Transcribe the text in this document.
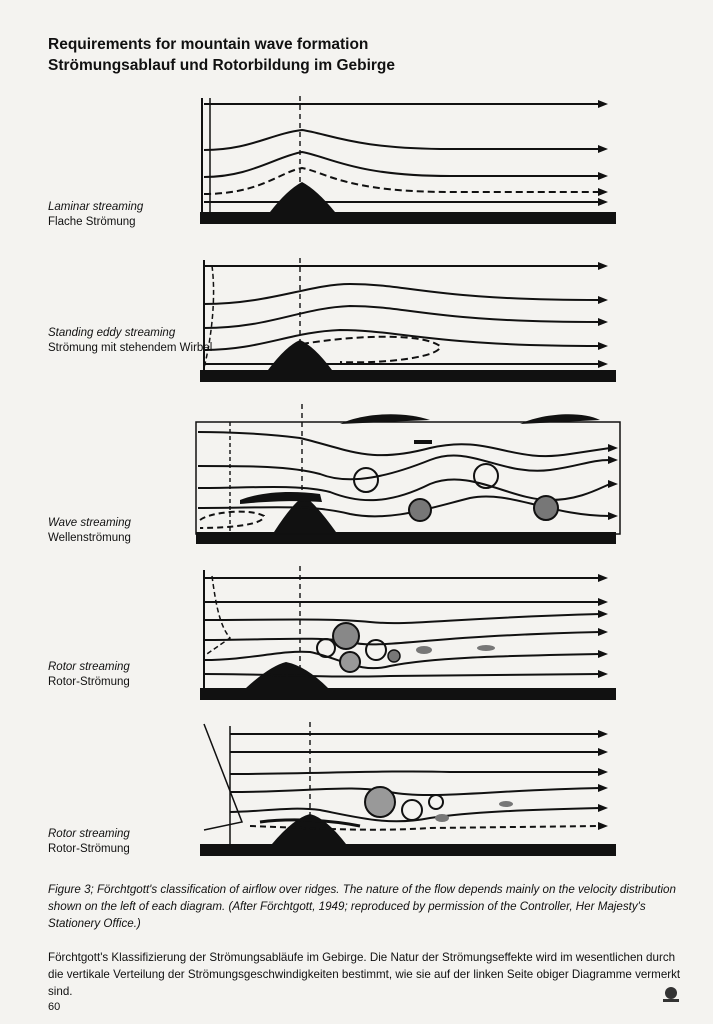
Requirements for mountain wave formation
Strömungsablauf und Rotorbildung im Gebirge
Laminar streaming
Flache Strömung
Standing eddy streaming
Strömung mit stehendem Wirbel
Wave streaming
Wellenströmung
Rotor streaming
Rotor-Strömung
Rotor streaming
Rotor-Strömung
Figure 3; Förchtgott's classification of airflow over ridges. The nature of the flow depends mainly on the velocity distribution shown on the left of each diagram. (After Förchtgott, 1949; reproduced by permission of the Controller, Her Majesty's Stationery Office.)
Förchtgott's Klassifizierung der Strömungsabläufe im Gebirge. Die Natur der Strömungseffekte wird im wesentlichen durch die vertikale Verteilung der Strömungsgeschwindigkeiten bestimmt, wie sie auf der linken Seite obiger Diagramme vermerkt sind.
60
